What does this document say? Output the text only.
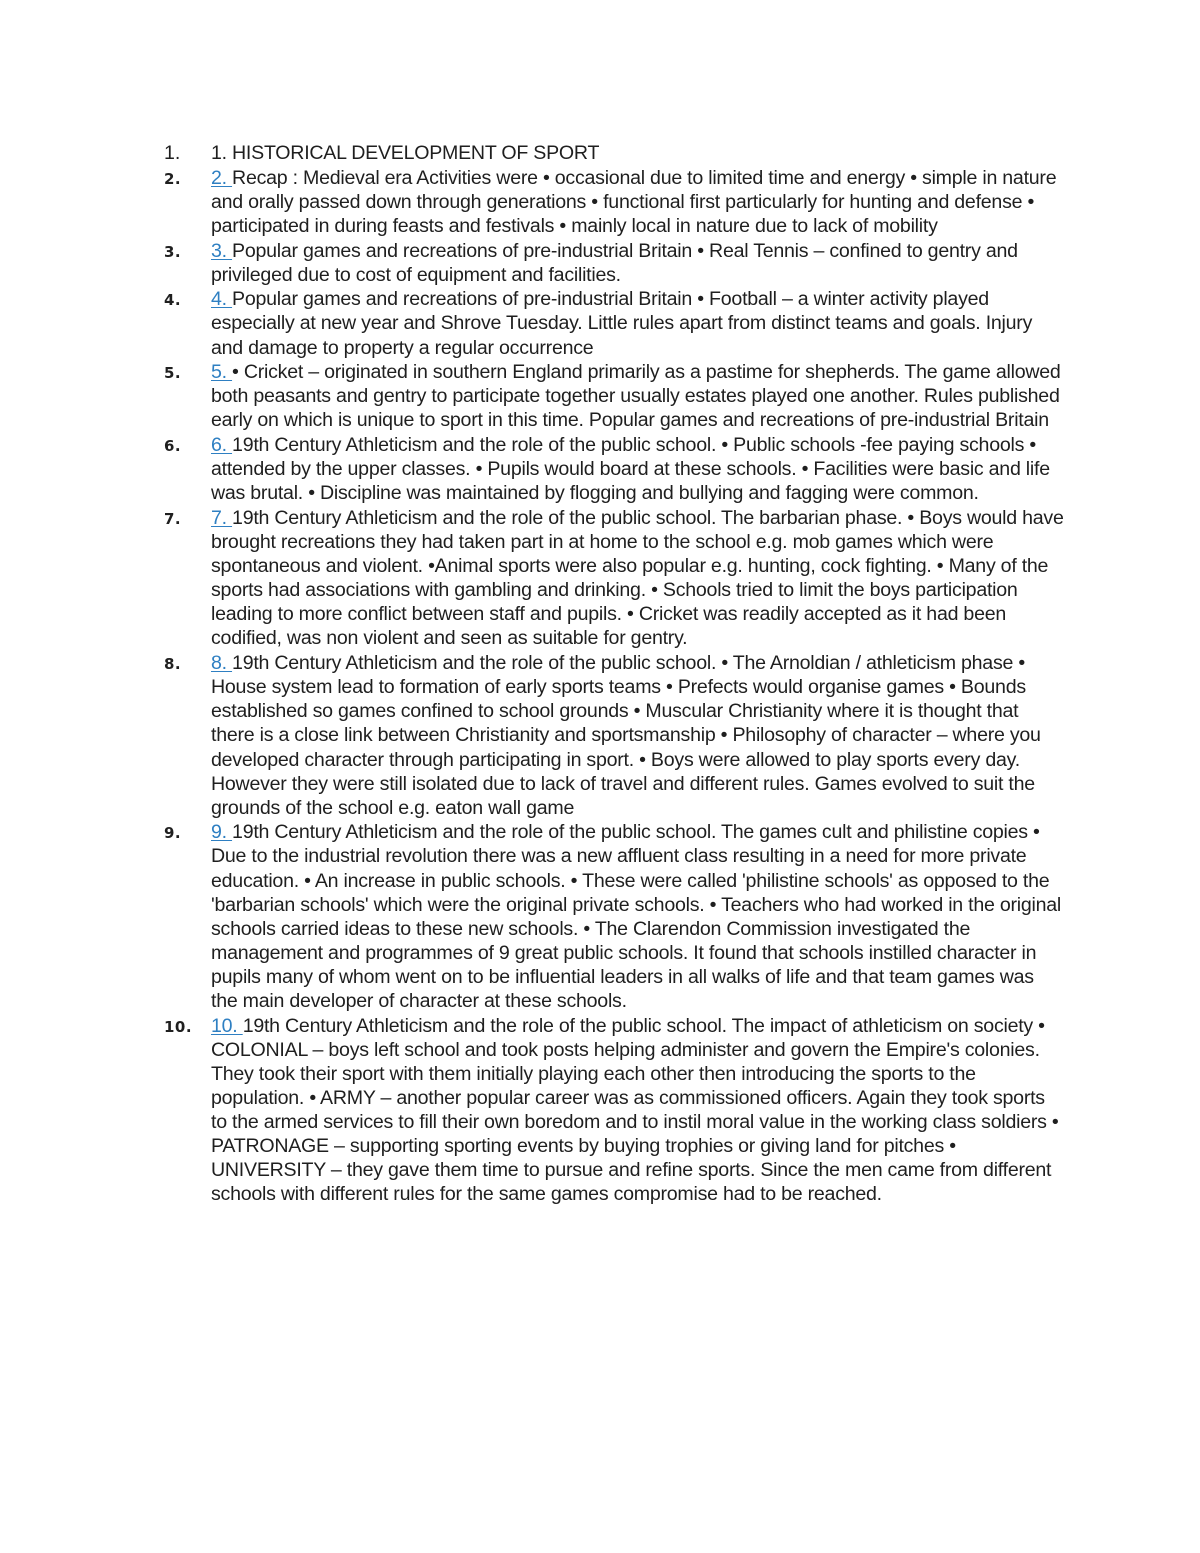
1.	1. HISTORICAL DEVELOPMENT OF SPORT
2.	2. Recap : Medieval era Activities were • occasional due to limited time and energy • simple in nature and orally passed down through generations • functional first particularly for hunting and defense • participated in during feasts and festivals • mainly local in nature due to lack of mobility
3.	3. Popular games and recreations of pre-industrial Britain • Real Tennis – confined to gentry and privileged due to cost of equipment and facilities.
4.	4. Popular games and recreations of pre-industrial Britain • Football – a winter activity played especially at new year and Shrove Tuesday. Little rules apart from distinct teams and goals. Injury and damage to property a regular occurrence
5.	5. • Cricket – originated in southern England primarily as a pastime for shepherds. The game allowed both peasants and gentry to participate together usually estates played one another. Rules published early on which is unique to sport in this time. Popular games and recreations of pre-industrial Britain
6.	6. 19th Century Athleticism and the role of the public school. • Public schools -fee paying schools • attended by the upper classes. • Pupils would board at these schools. • Facilities were basic and life was brutal. • Discipline was maintained by flogging and bullying and fagging were common.
7.	7. 19th Century Athleticism and the role of the public school. The barbarian phase. • Boys would have brought recreations they had taken part in at home to the school e.g. mob games which were spontaneous and violent. •Animal sports were also popular e.g. hunting, cock fighting. • Many of the sports had associations with gambling and drinking. • Schools tried to limit the boys participation leading to more conflict between staff and pupils. • Cricket was readily accepted as it had been codified, was non violent and seen as suitable for gentry.
8.	8. 19th Century Athleticism and the role of the public school. • The Arnoldian / athleticism phase • House system lead to formation of early sports teams • Prefects would organise games • Bounds established so games confined to school grounds • Muscular Christianity where it is thought that there is a close link between Christianity and sportsmanship • Philosophy of character – where you developed character through participating in sport. • Boys were allowed to play sports every day. However they were still isolated due to lack of travel and different rules. Games evolved to suit the grounds of the school e.g. eaton wall game
9.	9. 19th Century Athleticism and the role of the public school. The games cult and philistine copies • Due to the industrial revolution there was a new affluent class resulting in a need for more private education. • An increase in public schools. • These were called 'philistine schools' as opposed to the 'barbarian schools' which were the original private schools. • Teachers who had worked in the original schools carried ideas to these new schools. • The Clarendon Commission investigated the management and programmes of 9 great public schools. It found that schools instilled character in pupils many of whom went on to be influential leaders in all walks of life and that team games was the main developer of character at these schools.
10. 10. 19th Century Athleticism and the role of the public school. The impact of athleticism on society • COLONIAL – boys left school and took posts helping administer and govern the Empire's colonies. They took their sport with them initially playing each other then introducing the sports to the population. • ARMY – another popular career was as commissioned officers. Again they took sports to the armed services to fill their own boredom and to instil moral value in the working class soldiers • PATRONAGE – supporting sporting events by buying trophies or giving land for pitches • UNIVERSITY – they gave them time to pursue and refine sports. Since the men came from different schools with different rules for the same games compromise had to be reached.
